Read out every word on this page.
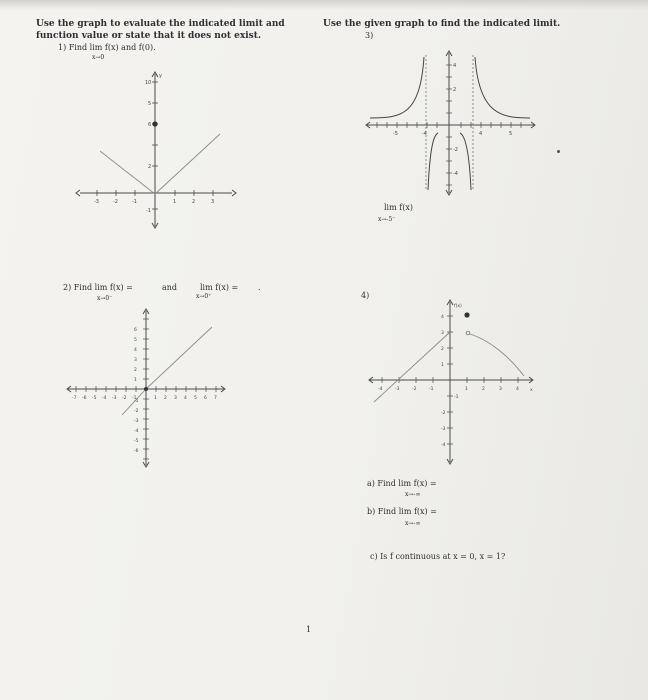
Use the graph to evaluate the indicated limit and
function value or state that it does not exist.
Use the given graph to find the indicated limit.
3)
1) Find lim f(x) and f(0).
x→0
10
5
6
2
-1
y
-3	-2	-1	1	2	3
4
2
-2
-4
-5	-4	4	5
lim f(x)
x→-5⁻
2) Find lim f(x) =	and	lim f(x) = .
x→0⁻	x→0⁺
6
5
4
3
2
1
-1
-2
-3
-4
-5
-6
-7 -6 -5 -4 -3 -2 -1	1 2 3 4 5 6 7
4)
f(x)
4
3
2
1
-1
-2
-3
-4
-4	-3	-2	-1	1	2	3	4 x
a) Find lim f(x) =
x→-∞
b) Find lim f(x) =
x→-∞
c) Is f continuous at x = 0, x = 1?
1
